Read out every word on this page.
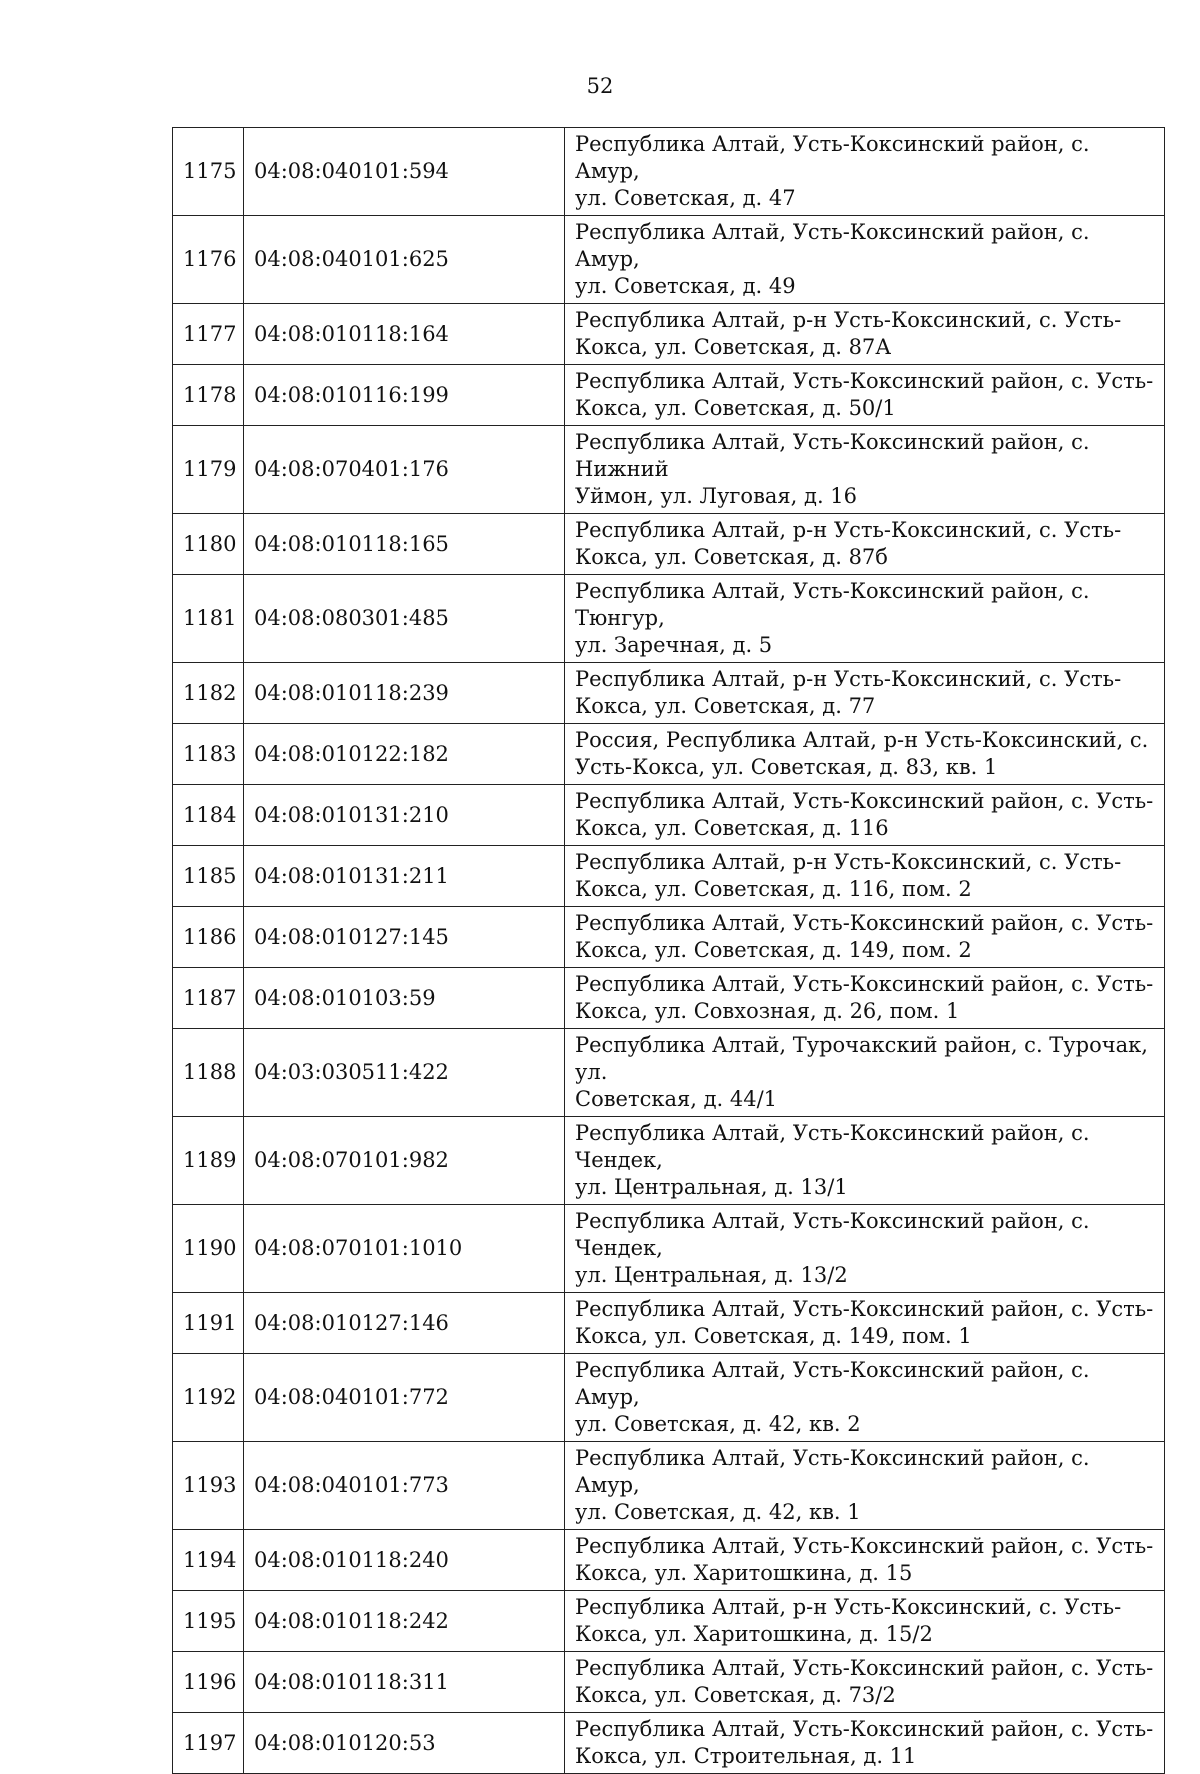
52
1175	04:08:040101:594	Республика Алтай, Усть-Коксинский район, с. Амур,
ул. Советская, д. 47

1176	04:08:040101:625	Республика Алтай, Усть-Коксинский район, с. Амур,
ул. Советская, д. 49

1177	04:08:010118:164	Республика Алтай, р-н Усть-Коксинский, с. Усть-
Кокса, ул. Советская, д. 87А

1178	04:08:010116:199	Республика Алтай, Усть-Коксинский район, с. Усть-
Кокса, ул. Советская, д. 50/1

1179	04:08:070401:176	Республика Алтай, Усть-Коксинский район, с. Нижний
Уймон, ул. Луговая, д. 16

1180	04:08:010118:165	Республика Алтай, р-н Усть-Коксинский, с. Усть-
Кокса, ул. Советская, д. 87б

1181	04:08:080301:485	Республика Алтай, Усть-Коксинский район, с. Тюнгур,
ул. Заречная, д. 5

1182	04:08:010118:239	Республика Алтай, р-н Усть-Коксинский, с. Усть-
Кокса, ул. Советская, д. 77

1183	04:08:010122:182	Россия, Республика Алтай, р-н Усть-Коксинский, с.
Усть-Кокса, ул. Советская, д. 83, кв. 1

1184	04:08:010131:210	Республика Алтай, Усть-Коксинский район, с. Усть-
Кокса, ул. Советская, д. 116

1185	04:08:010131:211	Республика Алтай, р-н Усть-Коксинский, с. Усть-
Кокса, ул. Советская, д. 116, пом. 2

1186	04:08:010127:145	Республика Алтай, Усть-Коксинский район, с. Усть-
Кокса, ул. Советская, д. 149, пом. 2

1187	04:08:010103:59	Республика Алтай, Усть-Коксинский район, с. Усть-
Кокса, ул. Совхозная, д. 26, пом. 1

1188	04:03:030511:422	Республика Алтай, Турочакский район, с. Турочак, ул.
Советская, д. 44/1

1189	04:08:070101:982	Республика Алтай, Усть-Коксинский район, с. Чендек,
ул. Центральная, д. 13/1

1190	04:08:070101:1010	Республика Алтай, Усть-Коксинский район, с. Чендек,
ул. Центральная, д. 13/2

1191	04:08:010127:146	Республика Алтай, Усть-Коксинский район, с. Усть-
Кокса, ул. Советская, д. 149, пом. 1

1192	04:08:040101:772	Республика Алтай, Усть-Коксинский район, с. Амур,
ул. Советская, д. 42, кв. 2

1193	04:08:040101:773	Республика Алтай, Усть-Коксинский район, с. Амур,
ул. Советская, д. 42, кв. 1

1194	04:08:010118:240	Республика Алтай, Усть-Коксинский район, с. Усть-
Кокса, ул. Харитошкина, д. 15

1195	04:08:010118:242	Республика Алтай, р-н Усть-Коксинский, с. Усть-
Кокса, ул. Харитошкина, д. 15/2

1196	04:08:010118:311	Республика Алтай, Усть-Коксинский район, с. Усть-
Кокса, ул. Советская, д. 73/2

1197	04:08:010120:53	Республика Алтай, Усть-Коксинский район, с. Усть-
Кокса, ул. Строительная, д. 11
